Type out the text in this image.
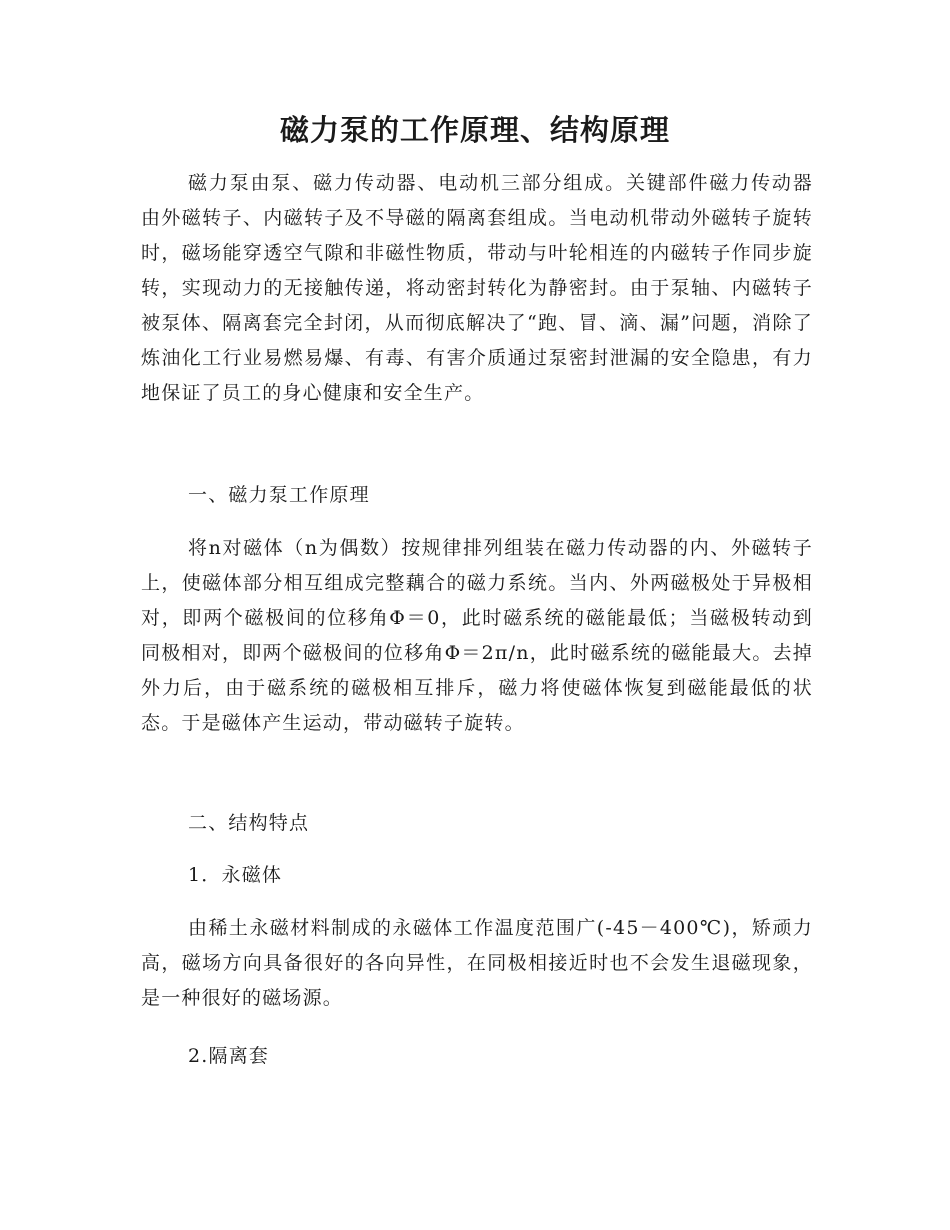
磁力泵的工作原理、结构原理

磁力泵由泵、磁力传动器、电动机三部分组成。关键部件磁力传动器由外磁转子、内磁转子及不导磁的隔离套组成。当电动机带动外磁转子旋转时，磁场能穿透空气隙和非磁性物质，带动与叶轮相连的内磁转子作同步旋转，实现动力的无接触传递，将动密封转化为静密封。由于泵轴、内磁转子被泵体、隔离套完全封闭，从而彻底解决了“跑、冒、滴、漏”问题，消除了炼油化工行业易燃易爆、有毒、有害介质通过泵密封泄漏的安全隐患，有力地保证了员工的身心健康和安全生产。

一、磁力泵工作原理

将n对磁体（n为偶数）按规律排列组装在磁力传动器的内、外磁转子上，使磁体部分相互组成完整藕合的磁力系统。当内、外两磁极处于异极相对，即两个磁极间的位移角Φ＝0，此时磁系统的磁能最低；当磁极转动到同极相对，即两个磁极间的位移角Φ＝2π/n，此时磁系统的磁能最大。去掉外力后，由于磁系统的磁极相互排斥，磁力将使磁体恢复到磁能最低的状态。于是磁体产生运动，带动磁转子旋转。

二、结构特点

1．永磁体

由稀土永磁材料制成的永磁体工作温度范围广(-45－400℃)，矫顽力高，磁场方向具备很好的各向异性，在同极相接近时也不会发生退磁现象，是一种很好的磁场源。

2.隔离套
